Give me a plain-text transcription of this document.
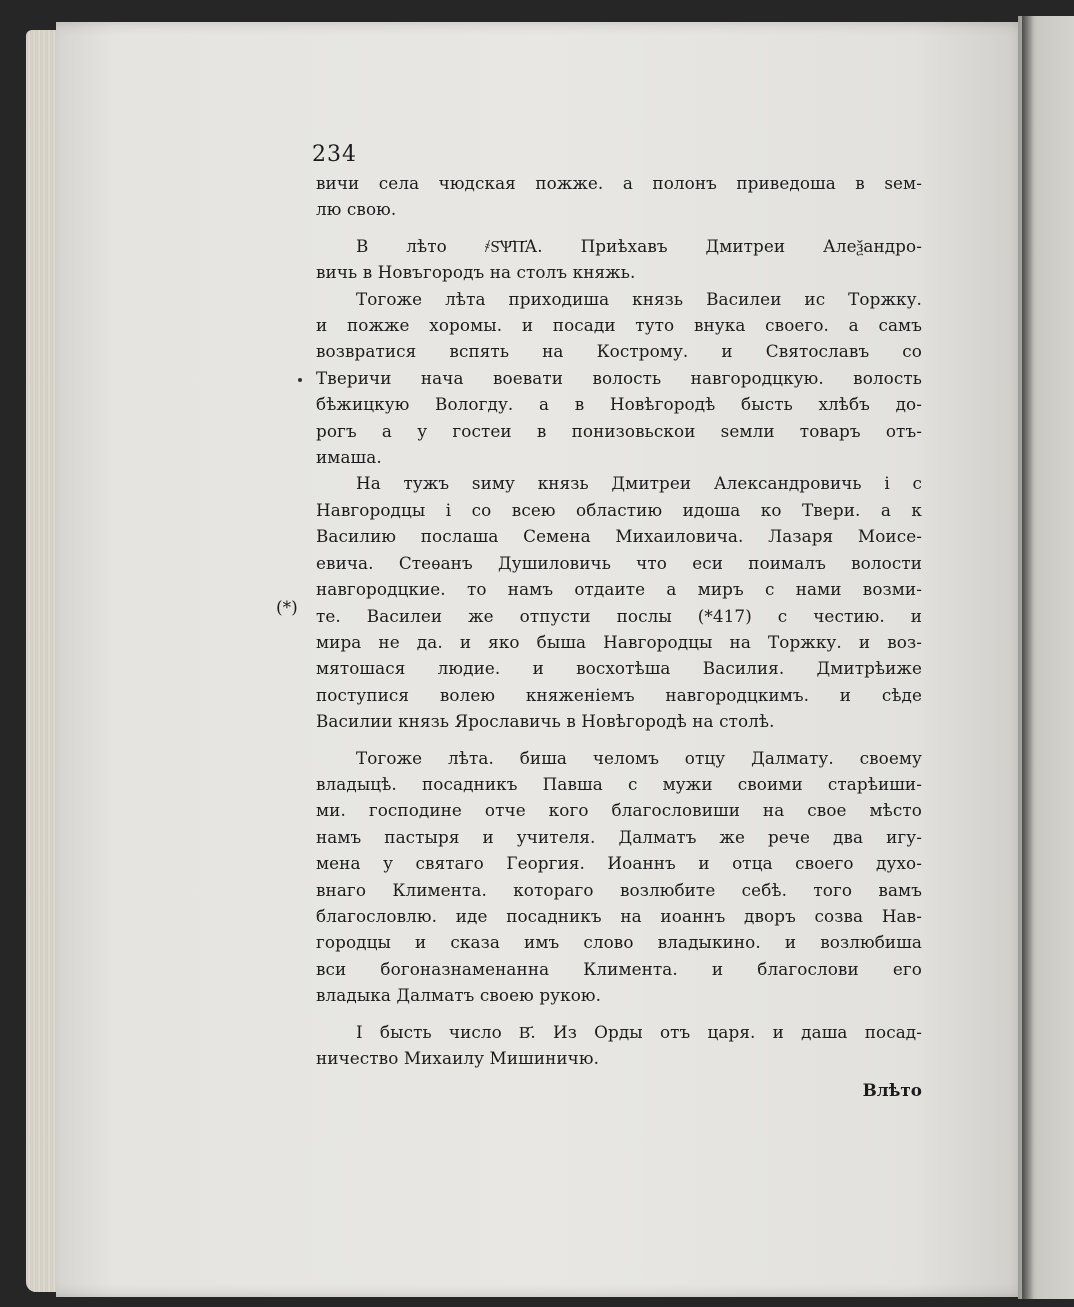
(*)
234
вичи села чюдская пожже. а полонъ приведоша в ѕем-
лю свою.
В лѣто ҂Ѕ҃Ѱ҃П҃А. Приѣхавъ Дмитреи Алеѯандро-
вичь в Новъгородъ на столъ княжь.
Тогоже лѣта приходиша князь Василеи ис Торжку.
и пожже хоромы. и посади туто внука своего. а самъ
возвратися вспять на Кострому. и Святославъ со
Тверичи нача воевати волость навгородцкую. волость
бѣжицкую Вологду. а в Новѣгородѣ бысть хлѣбъ до-
рогъ а у гостеи в понизовьскои ѕемли товаръ отъ-
имаша.
На тужъ ѕиму князь Дмитреи Александровичь і с
Навгородцы і со всею областию идоша ко Твери. а к
Василию послаша Семена Михаиловича. Лазаря Моисе-
евича. Стеѳанъ Душиловичь что еси поималъ волости
навгородцкие. то намъ отдаите а миръ с нами возми-
те. Василеи же отпусти послы (*417) с честию. и
мира не да. и яко быша Навгородцы на Торжку. и воз-
мятошася людие. и восхотѣша Василия. Дмитрѣиже
поступися волею княженіемъ навгородцкимъ. и сѣде
Василии князь Ярославичь в Новѣгородѣ на столѣ.
Тогоже лѣта. биша челомъ отцу Далмату. своему
владыцѣ. посадникъ Павша с мужи своими старѣиши-
ми. господине отче кого благословиши на свое мѣсто
намъ пастыря и учителя. Далматъ же рече два игу-
мена у святаго Георгия. Иоаннъ и отца своего духо-
внаго Климента. котораго возлюбите себѣ. того вамъ
благословлю. иде посадникъ на иоаннъ дворъ созва Нав-
городцы и сказа имъ слово владыкино. и возлюбиша
вси богоназнаменанна Климента. и благослови его
владыка Далматъ своею рукою.
І бысть число В҃. Из Орды отъ царя. и даша посад-
ничество Михаилу Мишиничю.
Влѣто
